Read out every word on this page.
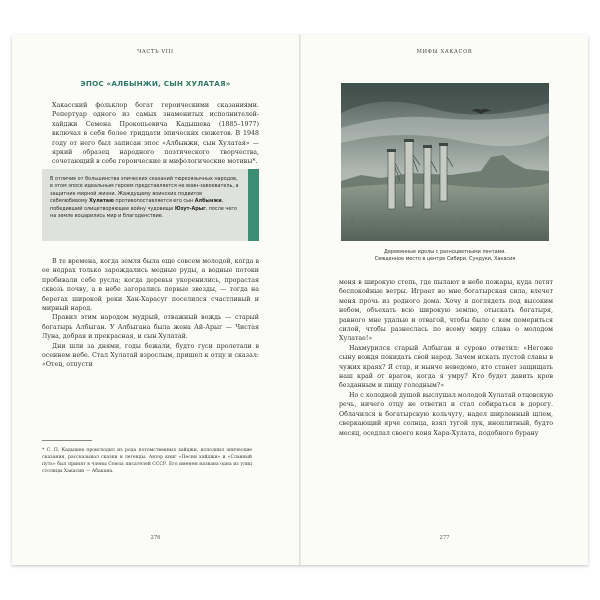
ЧАСТЬ VIII
ЭПОС «АЛБЫНЖИ, СЫН ХУЛАТАЯ»
Хакасский фольклор богат героическими сказаниями. Репертуар одного из самых знаменитых исполнителей-хайджи Семена Прокопьевича Кадышева (1885–1977) включал в себя более тридцати эпических сюжетов. В 1948 году от него был записан эпос «Албынжи, сын Хулатая» — яркий образец народного поэтического творчества, сочетающий в себе героические и мифологические мотивы*.
В отличие от большинства эпических сказаний тюркоязычных народов, в этом эпосе идеальным героем представляется не воин-завоеватель, а защитник мирной жизни. Жаждущему воинских подвигов себялюбивому Хулатаю противопоставляется его сын Албынжи, победивший олицетворяющее войну чудовище Юзут-Арыг, после чего на земле воцарились мир и благоденствие.

В те времена, когда земля была еще совсем молодой, когда в ее недрах только зарождались медные руды, а водные потоки пробивали себе русла; когда деревья укоренились, прорастая сквозь почву, а в небе загорались первые звезды, — тогда на берегах широкой реки Хан-Харасуг поселился счастливый и мирный народ.

Правил этим народом мудрый, отважный вождь — старый богатырь Албыган. У Албыгана была жена Ай-Арыг — Чистая Луна, добрая и прекрасная, и сын Хулатай.

Дни шли за днями, годы бежали, будто гуси пролетали в осеннем небе. Стал Хулатай взрослым, пришел к отцу и сказал: «Отец, отпусти

* С. П. Кадышев происходил из рода потомственных хайджи, исполнил эпические сказания, рассказывал сказки и легенды. Автор книг «Песни хайджи» и «Славный путь» был принят в члены Союза писателей СССР. Его именем названа одна из улиц столицы Хакасии — Абакана.
276
МИФЫ ХАКАСОВ
Деревянные идолы с разноцветными лентами.
Священное место в центре Сибири. Сундуки, Хакасия

меня в широкую степь, где пылают в небе пожары, куда летят беспокойные ветры. Играет во мне богатырская сила, влечет меня прочь из родного дома. Хочу я поглядеть под высоким небом, объехать всю широкую землю, отыскать богатыря, равного мне удалью и отвагой, чтобы было с кем помериться силой, чтобы разнеслась по всему миру слава о молодом Хулатае!»

Нахмурился старый Албыган и сурово ответил: «Негоже сыну вождя покидать свой народ. Зачем искать пустой славы в чужих краях? Я стар, и нынче неведомо, кто станет защищать наш край от врагов, когда я умру? Кто будет давить кров безданным и пищу голодным?»

Но с холодной душой выслушал молодой Хулатай отцовскую речь, ничего отцу не ответил и стал собираться в дорогу. Облачился в богатырскую кольчугу, надел ширленный шлем, сверкающий ярче солнца, взял тугой лук, иноплитный, будто месяц, оседлал своего коня Хара-Хулата, подобного бурану

277
